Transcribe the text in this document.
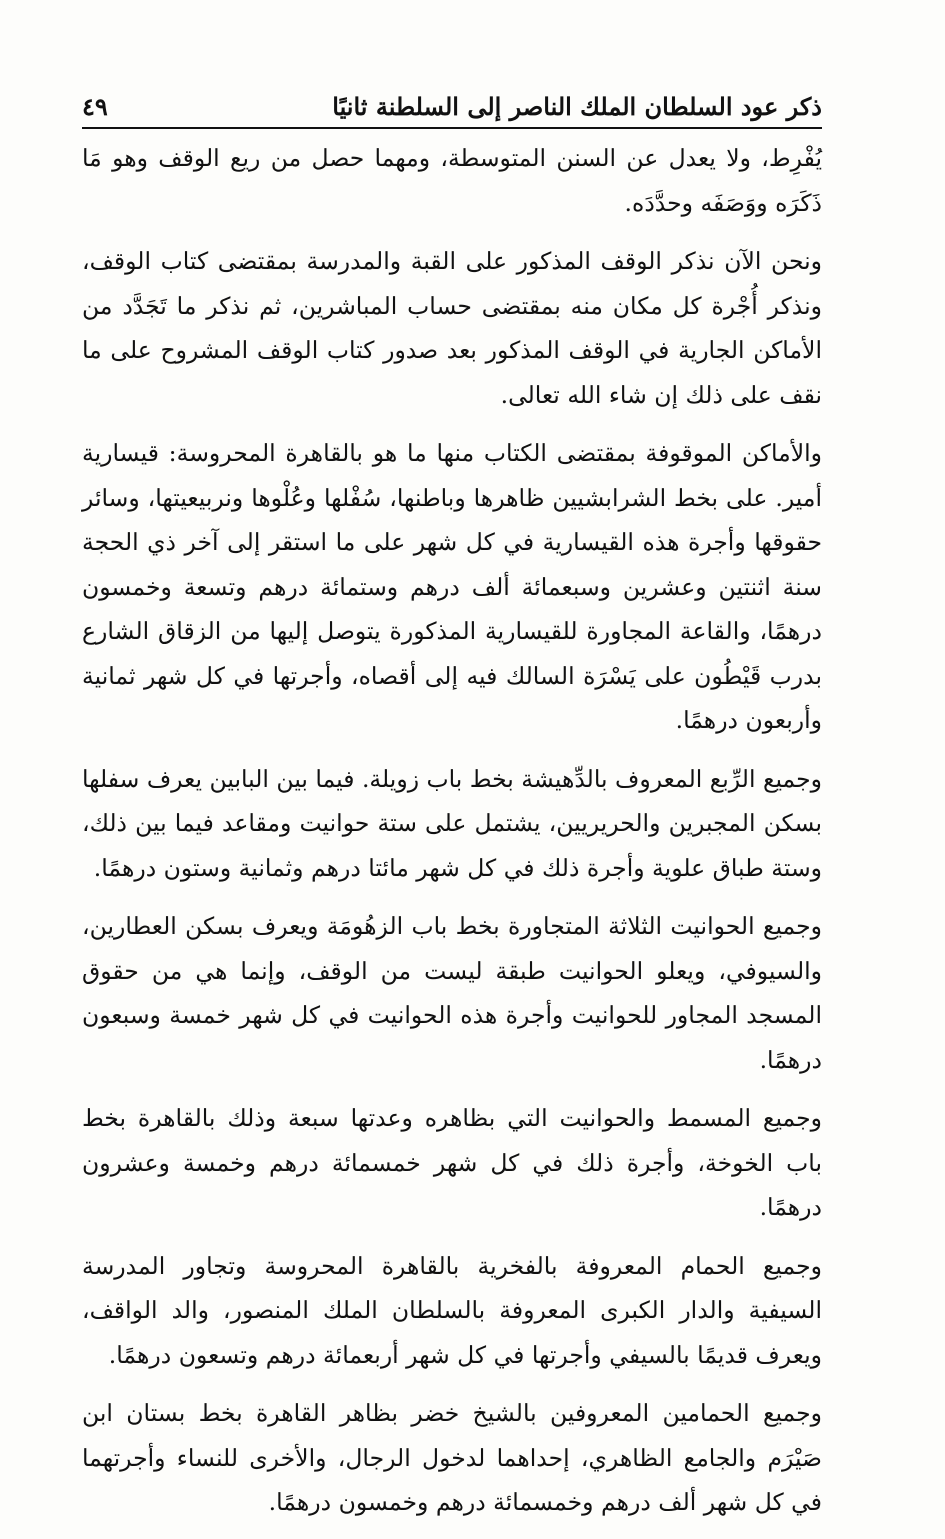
ذكر عود السلطان الملك الناصر إلى السلطنة ثانيًا
٤٩

يُفْرِط، ولا يعدل عن السنن المتوسطة، ومهما حصل من ريع الوقف وهو مَا ذَكَرَه ووَصَفَه وحدَّدَه.

ونحن الآن نذكر الوقف المذكور على القبة والمدرسة بمقتضى كتاب الوقف، ونذكر أُجْرة كل مكان منه بمقتضى حساب المباشرين، ثم نذكر ما تَجَدَّد من الأماكن الجارية في الوقف المذكور بعد صدور كتاب الوقف المشروح على ما نقف على ذلك إن شاء الله تعالى.

والأماكن الموقوفة بمقتضى الكتاب منها ما هو بالقاهرة المحروسة: قيسارية أمير. على بخط الشرابشيين ظاهرها وباطنها، سُفْلها وعُلْوها ونربيعيتها، وسائر حقوقها وأجرة هذه القيسارية في كل شهر على ما استقر إلى آخر ذي الحجة سنة اثنتين وعشرين وسبعمائة ألف درهم وستمائة درهم وتسعة وخمسون درهمًا، والقاعة المجاورة للقيسارية المذكورة يتوصل إليها من الزقاق الشارع بدرب قَيْطُون على يَسْرَة السالك فيه إلى أقصاه، وأجرتها في كل شهر ثمانية وأربعون درهمًا.

وجميع الرِّبع المعروف بالدِّهيشة بخط باب زويلة. فيما بين البابين يعرف سفلها بسكن المجبرين والحريريين، يشتمل على ستة حوانيت ومقاعد فيما بين ذلك، وستة طباق علوية وأجرة ذلك في كل شهر مائتا درهم وثمانية وستون درهمًا.

وجميع الحوانيت الثلاثة المتجاورة بخط باب الزهُومَة ويعرف بسكن العطارين، والسيوفي، ويعلو الحوانيت طبقة ليست من الوقف، وإنما هي من حقوق المسجد المجاور للحوانيت وأجرة هذه الحوانيت في كل شهر خمسة وسبعون درهمًا.

وجميع المسمط والحوانيت التي بظاهره وعدتها سبعة وذلك بالقاهرة بخط باب الخوخة، وأجرة ذلك في كل شهر خمسمائة درهم وخمسة وعشرون درهمًا.

وجميع الحمام المعروفة بالفخرية بالقاهرة المحروسة وتجاور المدرسة السيفية والدار الكبرى المعروفة بالسلطان الملك المنصور، والد الواقف، ويعرف قديمًا بالسيفي وأجرتها في كل شهر أربعمائة درهم وتسعون درهمًا.

وجميع الحمامين المعروفين بالشيخ خضر بظاهر القاهرة بخط بستان ابن صَيْرَم والجامع الظاهري، إحداهما لدخول الرجال، والأخرى للنساء وأجرتهما في كل شهر ألف درهم وخمسمائة درهم وخمسون درهمًا.
